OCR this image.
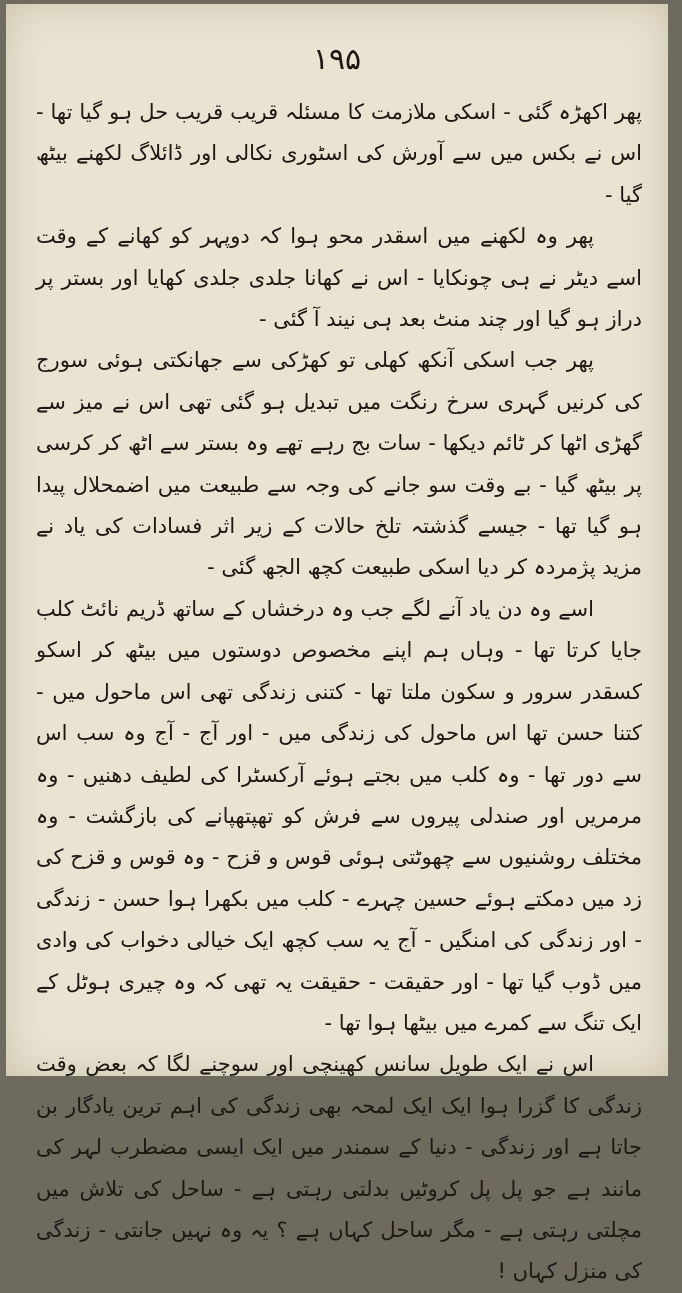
۱۹۵

پھر اکھڑہ گئی - اسکی ملازمت کا مسئلہ قریب قریب حل ہو گیا تھا - اس نے بکس میں سے آورش کی اسٹوری نکالی اور ڈائلاگ لکھنے بیٹھ گیا -

پھر وہ لکھنے میں اسقدر محو ہوا کہ دوپہر کو کھانے کے وقت اسے دیٹر نے ہی چونکایا - اس نے کھانا جلدی جلدی کھایا اور بستر پر دراز ہو گیا اور چند منٹ بعد ہی نیند آ گئی -

پھر جب اسکی آنکھ کھلی تو کھڑکی سے جھانکتی ہوئی سورج کی کرنیں گہری سرخ رنگت میں تبدیل ہو گئی تھی اس نے میز سے گھڑی اٹھا کر ٹائم دیکھا - سات بج رہے تھے وہ بستر سے اٹھ کر کرسی پر بیٹھ گیا - بے وقت سو جانے کی وجہ سے طبیعت میں اضمحلال پیدا ہو گیا تھا - جیسے گذشتہ تلخ حالات کے زیر اثر فسادات کی یاد نے مزید پژمردہ کر دیا اسکی طبیعت کچھ الجھ گئی -

اسے وہ دن یاد آنے لگے جب وہ درخشاں کے ساتھ ڈریم نائٹ کلب جایا کرتا تھا - وہاں ہم اپنے مخصوص دوستوں میں بیٹھ کر اسکو کسقدر سرور و سکون ملتا تھا - کتنی زندگی تھی اس ماحول میں - کتنا حسن تھا اس ماحول کی زندگی میں - اور آج - آج وہ سب اس سے دور تھا - وہ کلب میں بجتے ہوئے آرکسٹرا کی لطیف دھنیں - وہ مرمریں اور صندلی پیروں سے فرش کو تھپتھپانے کی بازگشت - وہ مختلف روشنیوں سے چھوٹتی ہوئی قوس و قزح - وہ قوس و قزح کی زد میں دمکتے ہوئے حسین چہرے - کلب میں بکھرا ہوا حسن - زندگی - اور زندگی کی امنگیں - آج یہ سب کچھ ایک خیالی دخواب کی وادی میں ڈوب گیا تھا - اور حقیقت - حقیقت یہ تھی کہ وہ چیری ہوٹل کے ایک تنگ سے کمرے میں بیٹھا ہوا تھا -

اس نے ایک طویل سانس کھینچی اور سوچنے لگا کہ بعض وقت زندگی کا گزرا ہوا ایک ایک لمحہ بھی زندگی کی اہم ترین یادگار بن جاتا ہے اور زندگی - دنیا کے سمندر میں ایک ایسی مضطرب لہر کی مانند ہے جو پل پل کروٹیں بدلتی رہتی ہے - ساحل کی تلاش میں مچلتی رہتی ہے - مگر ساحل کہاں ہے ؟ یہ وہ نہیں جانتی - زندگی کی منزل کہاں !
